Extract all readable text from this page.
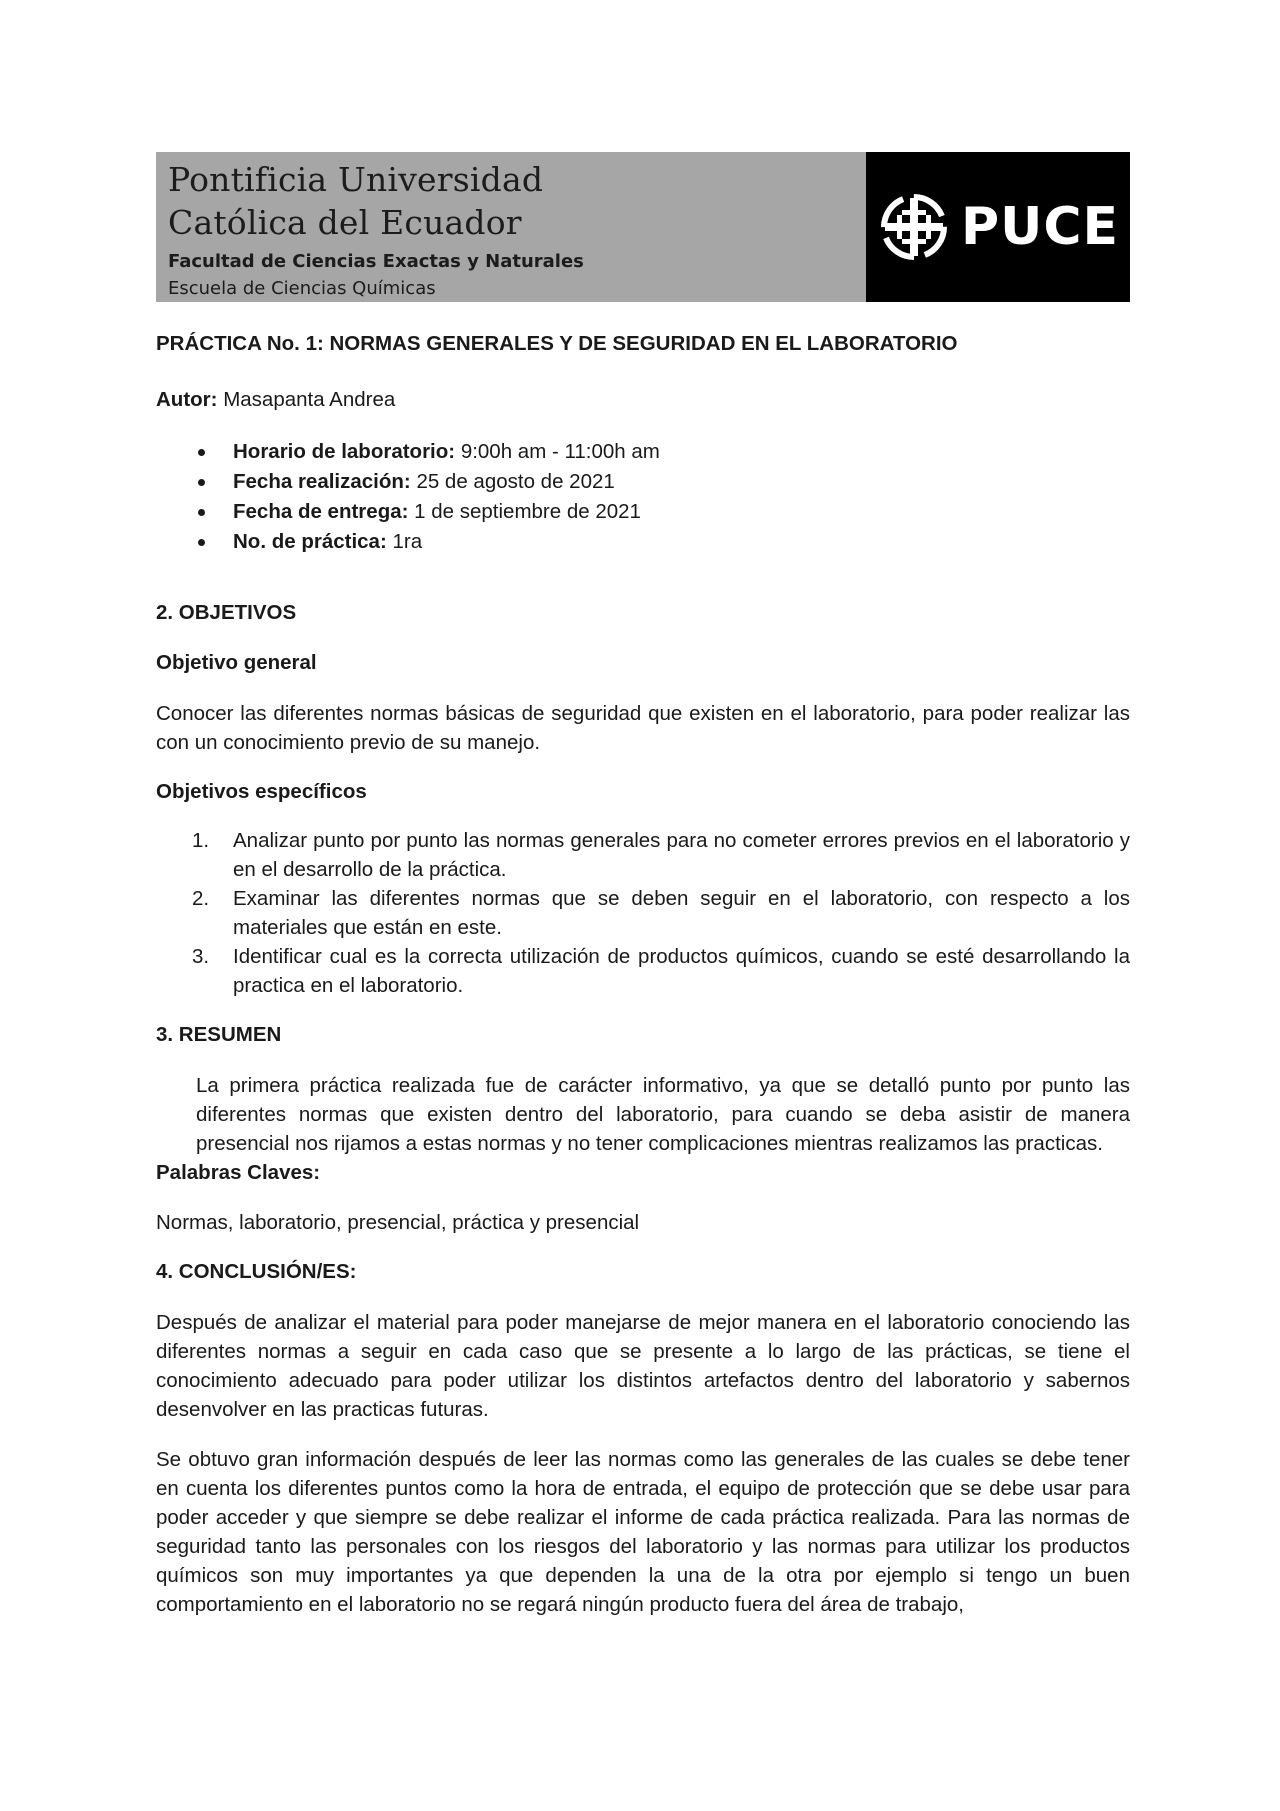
Pontificia Universidad
Católica del Ecuador
Facultad de Ciencias Exactas y Naturales
Escuela de Ciencias Químicas
PUCE

PRÁCTICA No. 1: NORMAS GENERALES Y DE SEGURIDAD EN EL LABORATORIO

Autor: Masapanta Andrea

Horario de laboratorio: 9:00h am - 11:00h am
Fecha realización: 25 de agosto de 2021
Fecha de entrega: 1 de septiembre de 2021
No. de práctica: 1ra

2. OBJETIVOS

Objetivo general

Conocer las diferentes normas básicas de seguridad que existen en el laboratorio, para poder realizar las con un conocimiento previo de su manejo.

Objetivos específicos

1. Analizar punto por punto las normas generales para no cometer errores previos en el laboratorio y en el desarrollo de la práctica.
2. Examinar las diferentes normas que se deben seguir en el laboratorio, con respecto a los materiales que están en este.
3. Identificar cual es la correcta utilización de productos químicos, cuando se esté desarrollando la practica en el laboratorio.

3. RESUMEN

La primera práctica realizada fue de carácter informativo, ya que se detalló punto por punto las diferentes normas que existen dentro del laboratorio, para cuando se deba asistir de manera presencial nos rijamos a estas normas y no tener complicaciones mientras realizamos las practicas.

Palabras Claves:

Normas, laboratorio, presencial, práctica y presencial

4. CONCLUSIÓN/ES:

Después de analizar el material para poder manejarse de mejor manera en el laboratorio conociendo las diferentes normas a seguir en cada caso que se presente a lo largo de las prácticas, se tiene el conocimiento adecuado para poder utilizar los distintos artefactos dentro del laboratorio y sabernos desenvolver en las practicas futuras.

Se obtuvo gran información después de leer las normas como las generales de las cuales se debe tener en cuenta los diferentes puntos como la hora de entrada, el equipo de protección que se debe usar para poder acceder y que siempre se debe realizar el informe de cada práctica realizada. Para las normas de seguridad tanto las personales con los riesgos del laboratorio y las normas para utilizar los productos químicos son muy importantes ya que dependen la una de la otra por ejemplo si tengo un buen comportamiento en el laboratorio no se regará ningún producto fuera del área de trabajo,
